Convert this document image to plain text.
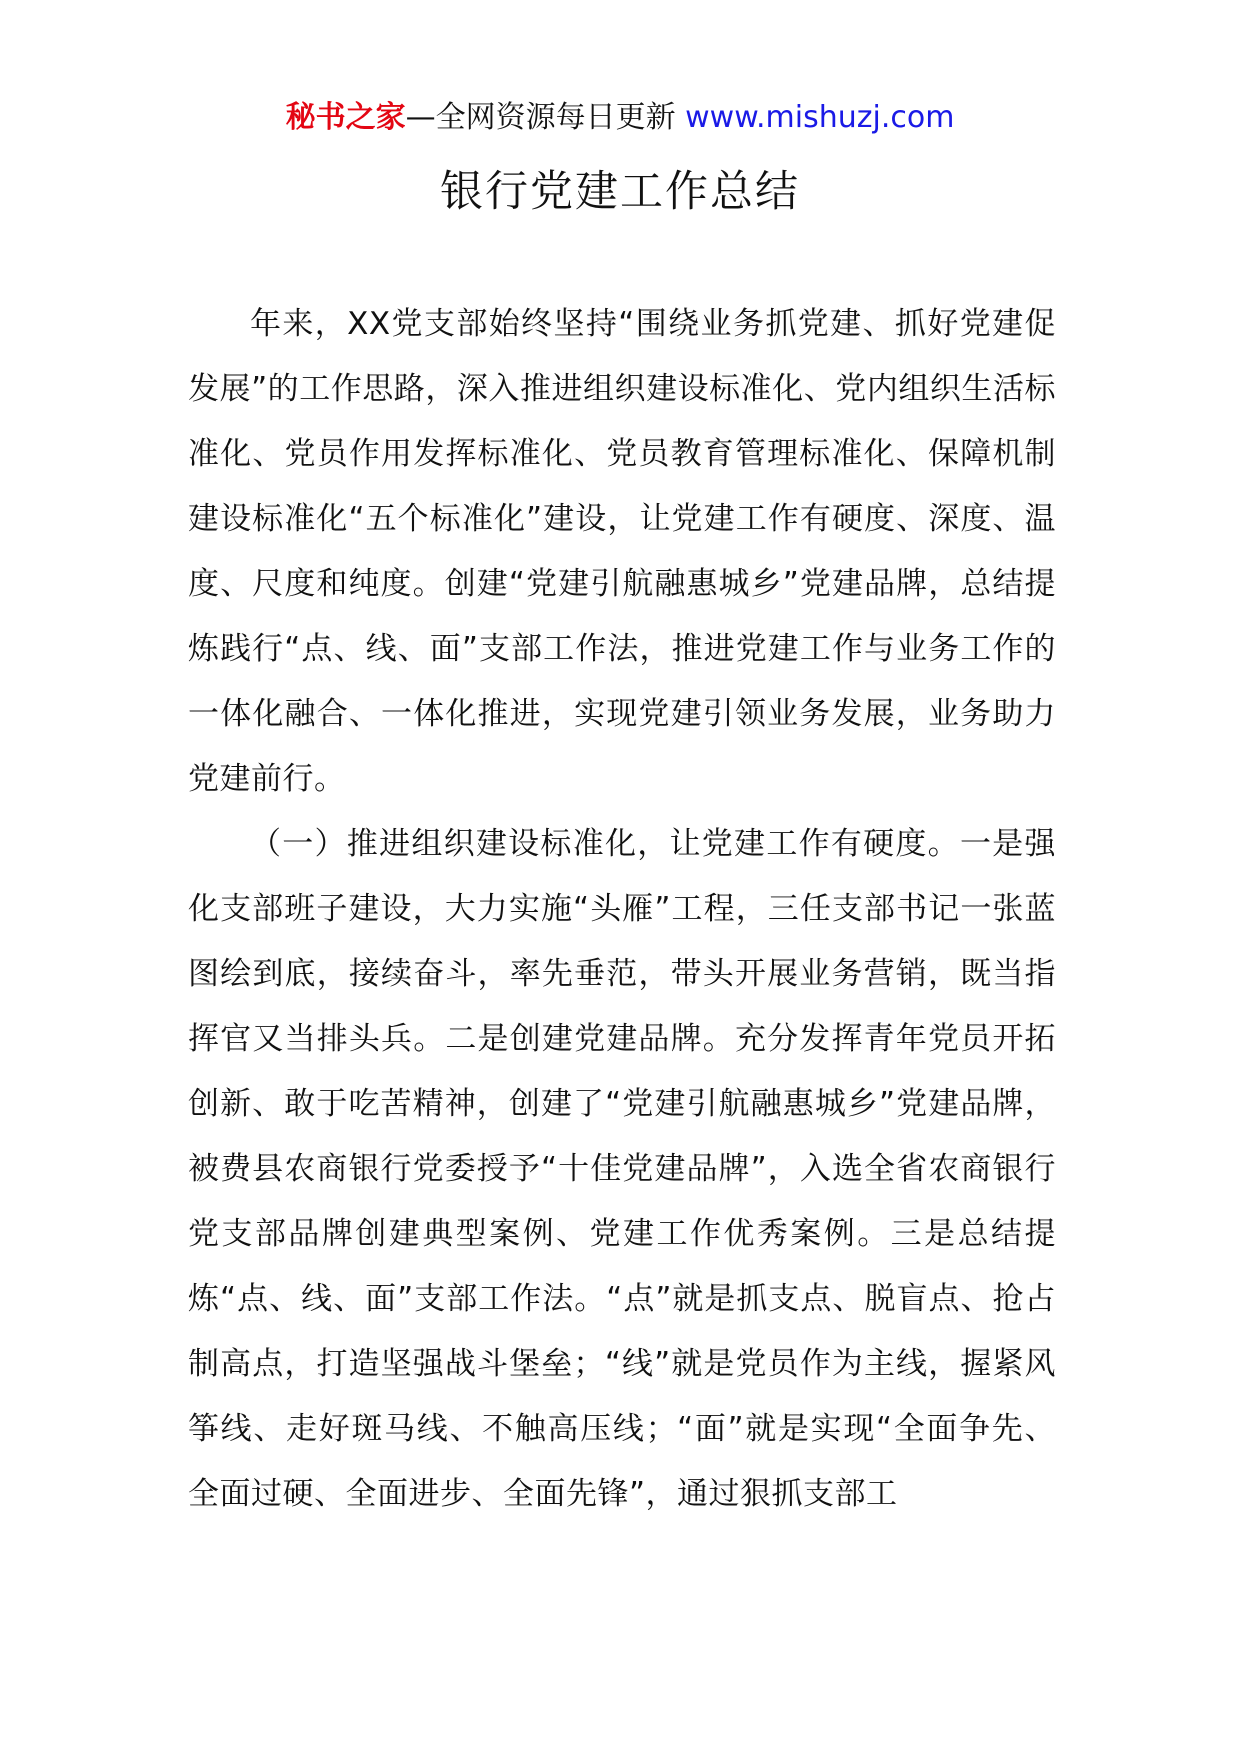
秘书之家—全网资源每日更新 www.mishuzj.com
银行党建工作总结

年来，XX党支部始终坚持“围绕业务抓党建、抓好党建促发展”的工作思路，深入推进组织建设标准化、党内组织生活标准化、党员作用发挥标准化、党员教育管理标准化、保障机制建设标准化“五个标准化”建设，让党建工作有硬度、深度、温度、尺度和纯度。创建“党建引航融惠城乡”党建品牌，总结提炼践行“点、线、面”支部工作法，推进党建工作与业务工作的一体化融合、一体化推进，实现党建引领业务发展，业务助力党建前行。

（一）推进组织建设标准化，让党建工作有硬度。一是强化支部班子建设，大力实施“头雁”工程，三任支部书记一张蓝图绘到底，接续奋斗，率先垂范，带头开展业务营销，既当指挥官又当排头兵。二是创建党建品牌。充分发挥青年党员开拓创新、敢于吃苦精神，创建了“党建引航融惠城乡”党建品牌，被费县农商银行党委授予“十佳党建品牌”，入选全省农商银行党支部品牌创建典型案例、党建工作优秀案例。三是总结提炼“点、线、面”支部工作法。“点”就是抓支点、脱盲点、抢占制高点，打造坚强战斗堡垒；“线”就是党员作为主线，握紧风筝线、走好斑马线、不触高压线；“面”就是实现“全面争先、全面过硬、全面进步、全面先锋”，通过狠抓支部工
